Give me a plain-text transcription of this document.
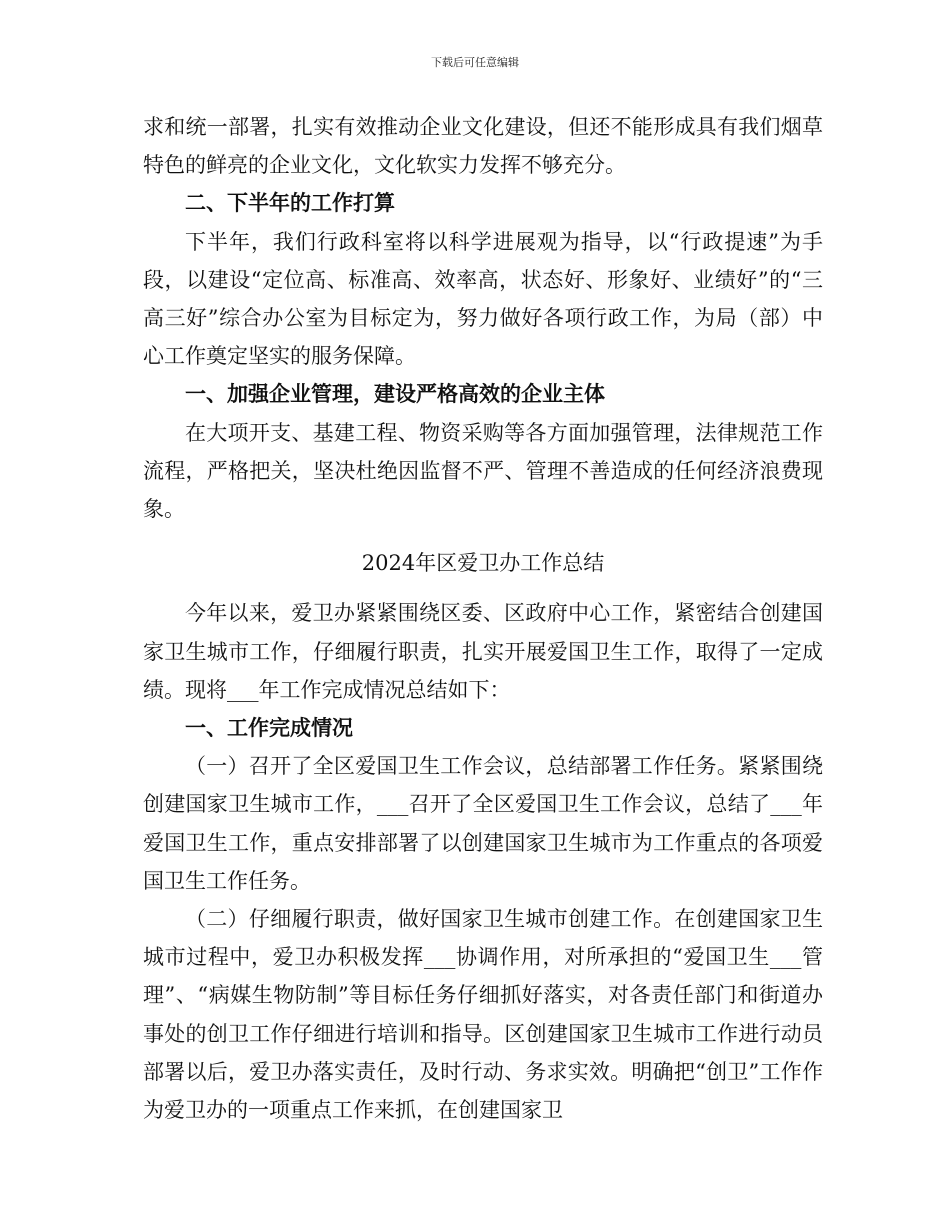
下载后可任意编辑

求和统一部署，扎实有效推动企业文化建设，但还不能形成具有我们烟草特色的鲜亮的企业文化，文化软实力发挥不够充分。

二、下半年的工作打算

下半年，我们行政科室将以科学进展观为指导，以“行政提速”为手段，以建设“定位高、标准高、效率高，状态好、形象好、业绩好”的“三高三好”综合办公室为目标定为，努力做好各项行政工作，为局（部）中心工作奠定坚实的服务保障。

一、加强企业管理，建设严格高效的企业主体

在大项开支、基建工程、物资采购等各方面加强管理，法律规范工作流程，严格把关，坚决杜绝因监督不严、管理不善造成的任何经济浪费现象。

2024年区爱卫办工作总结

今年以来，爱卫办紧紧围绕区委、区政府中心工作，紧密结合创建国家卫生城市工作，仔细履行职责，扎实开展爱国卫生工作，取得了一定成绩。现将___年工作完成情况总结如下：

一、工作完成情况

（一）召开了全区爱国卫生工作会议，总结部署工作任务。紧紧围绕创建国家卫生城市工作，___召开了全区爱国卫生工作会议，总结了___年爱国卫生工作，重点安排部署了以创建国家卫生城市为工作重点的各项爱国卫生工作任务。

（二）仔细履行职责，做好国家卫生城市创建工作。在创建国家卫生城市过程中，爱卫办积极发挥___协调作用，对所承担的“爱国卫生___管理”、“病媒生物防制”等目标任务仔细抓好落实，对各责任部门和街道办事处的创卫工作仔细进行培训和指导。区创建国家卫生城市工作进行动员部署以后，爱卫办落实责任，及时行动、务求实效。明确把“创卫”工作作为爱卫办的一项重点工作来抓，在创建国家卫
